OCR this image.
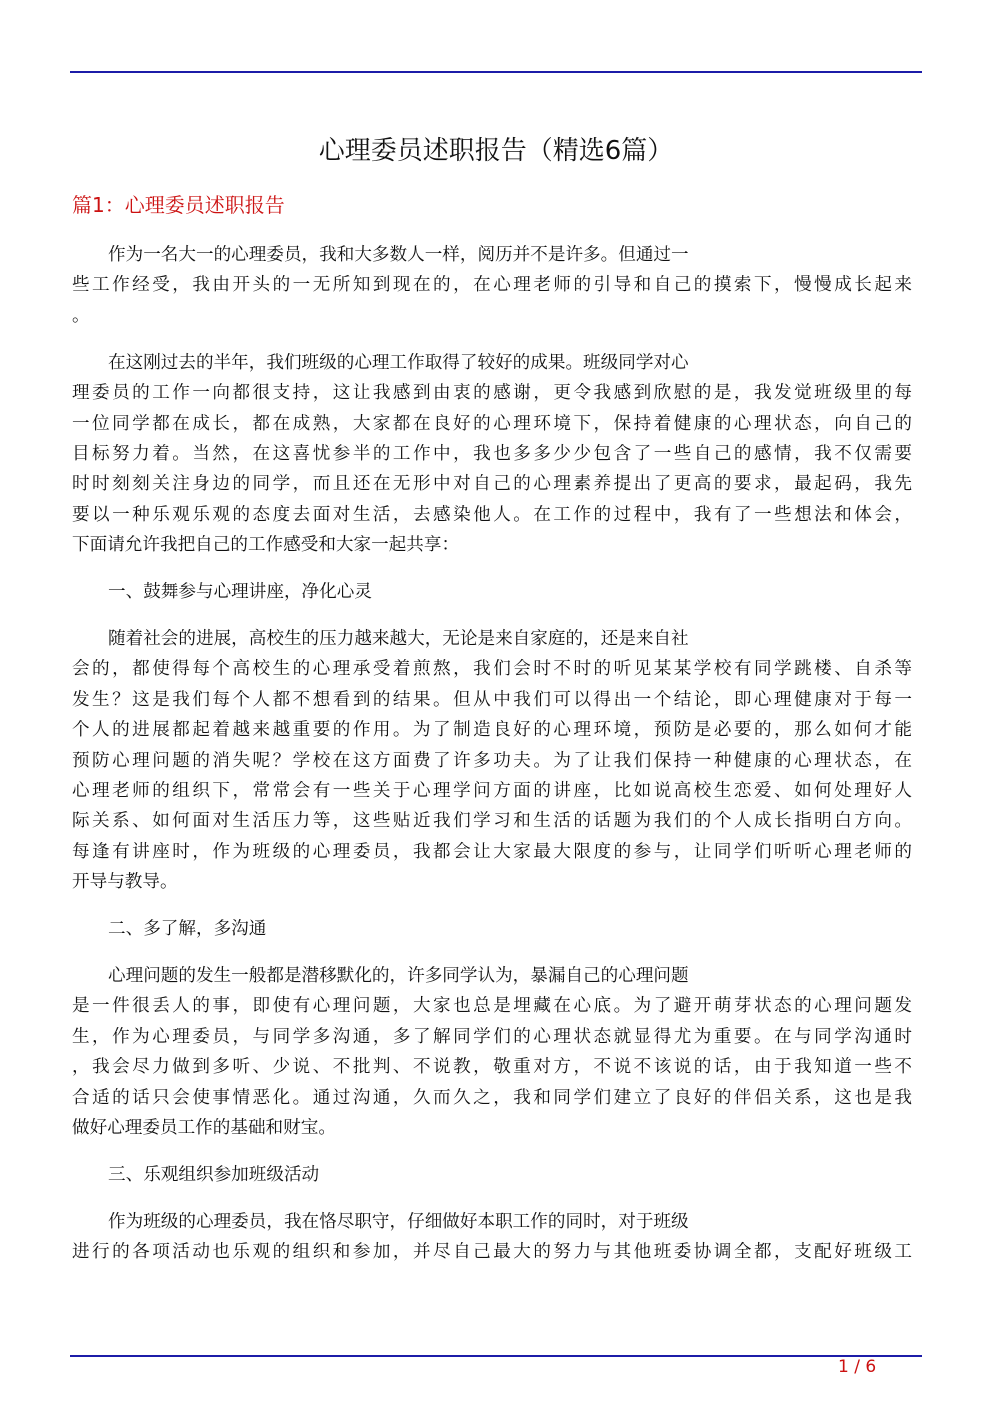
心理委员述职报告（精选6篇）
篇1：心理委员述职报告
作为一名大一的心理委员，我和大多数人一样，阅历并不是许多。但通过一
些工作经受，我由开头的一无所知到现在的，在心理老师的引导和自己的摸索下，慢慢成长起来
。
在这刚过去的半年，我们班级的心理工作取得了较好的成果。班级同学对心
理委员的工作一向都很支持，这让我感到由衷的感谢，更令我感到欣慰的是，我发觉班级里的每
一位同学都在成长，都在成熟，大家都在良好的心理环境下，保持着健康的心理状态，向自己的
目标努力着。当然，在这喜忧参半的工作中，我也多多少少包含了一些自己的感情，我不仅需要
时时刻刻关注身边的同学，而且还在无形中对自己的心理素养提出了更高的要求，最起码，我先
要以一种乐观乐观的态度去面对生活，去感染他人。在工作的过程中，我有了一些想法和体会，
下面请允许我把自己的工作感受和大家一起共享：
一、鼓舞参与心理讲座，净化心灵
随着社会的进展，高校生的压力越来越大，无论是来自家庭的，还是来自社
会的，都使得每个高校生的心理承受着煎熬，我们会时不时的听见某某学校有同学跳楼、自杀等
发生？这是我们每个人都不想看到的结果。但从中我们可以得出一个结论，即心理健康对于每一
个人的进展都起着越来越重要的作用。为了制造良好的心理环境，预防是必要的，那么如何才能
预防心理问题的消失呢？学校在这方面费了许多功夫。为了让我们保持一种健康的心理状态，在
心理老师的组织下，常常会有一些关于心理学问方面的讲座，比如说高校生恋爱、如何处理好人
际关系、如何面对生活压力等，这些贴近我们学习和生活的话题为我们的个人成长指明白方向。
每逢有讲座时，作为班级的心理委员，我都会让大家最大限度的参与，让同学们听听心理老师的
开导与教导。
二、多了解，多沟通
心理问题的发生一般都是潜移默化的，许多同学认为，暴漏自己的心理问题
是一件很丢人的事，即使有心理问题，大家也总是埋藏在心底。为了避开萌芽状态的心理问题发
生，作为心理委员，与同学多沟通，多了解同学们的心理状态就显得尤为重要。在与同学沟通时
，我会尽力做到多听、少说、不批判、不说教，敬重对方，不说不该说的话，由于我知道一些不
合适的话只会使事情恶化。通过沟通，久而久之，我和同学们建立了良好的伴侣关系，这也是我
做好心理委员工作的基础和财宝。
三、乐观组织参加班级活动
作为班级的心理委员，我在恪尽职守，仔细做好本职工作的同时，对于班级
进行的各项活动也乐观的组织和参加，并尽自己最大的努力与其他班委协调全都，支配好班级工
1 / 6
